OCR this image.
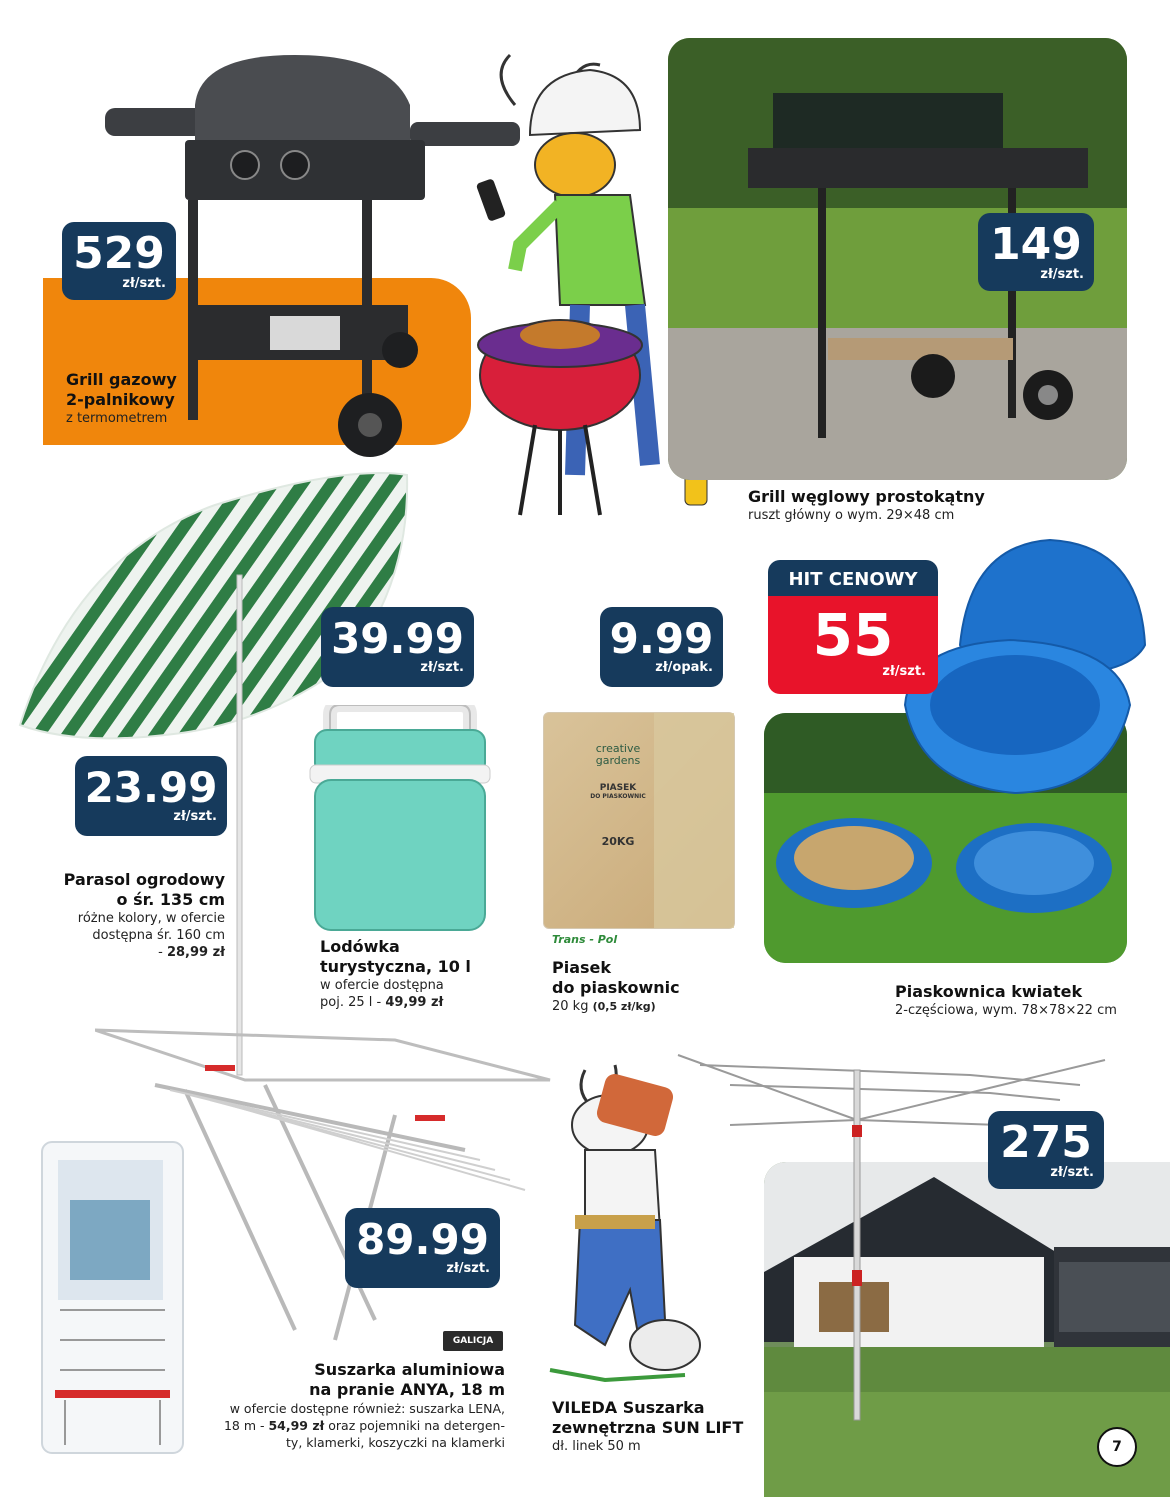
529
zł/szt.
Grill gazowy
2-palnikowy
z termometrem
149
zł/szt.
Grill węglowy prostokątny
ruszt główny o wym. 29×48 cm
23.99
zł/szt.
Parasol ogrodowy
o śr. 135 cm
różne kolory, w ofercie
dostępna śr. 160 cm
- 28,99 zł
39.99
zł/szt.
Lodówka
turystyczna, 10 l
w ofercie dostępna
poj. 25 l - 49,99 zł
creative
gardens
PIASEK
DO PIASKOWNIC
20KG
Trans - Pol
9.99
zł/opak.
Piasek
do piaskownic
20 kg (0,5 zł/kg)
HIT CENOWY
55
zł/szt.
Piaskownica kwiatek
2-częściowa, wym. 78×78×22 cm
89.99
zł/szt.
GALICJA
Suszarka aluminiowa
na pranie ANYA, 18 m
w ofercie dostępne również: suszarka LENA,
18 m - 54,99 zł oraz pojemniki na detergen-
ty, klamerki, koszyczki na klamerki
275
zł/szt.
VILEDA Suszarka
zewnętrzna SUN LIFT
dł. linek 50 m	7
